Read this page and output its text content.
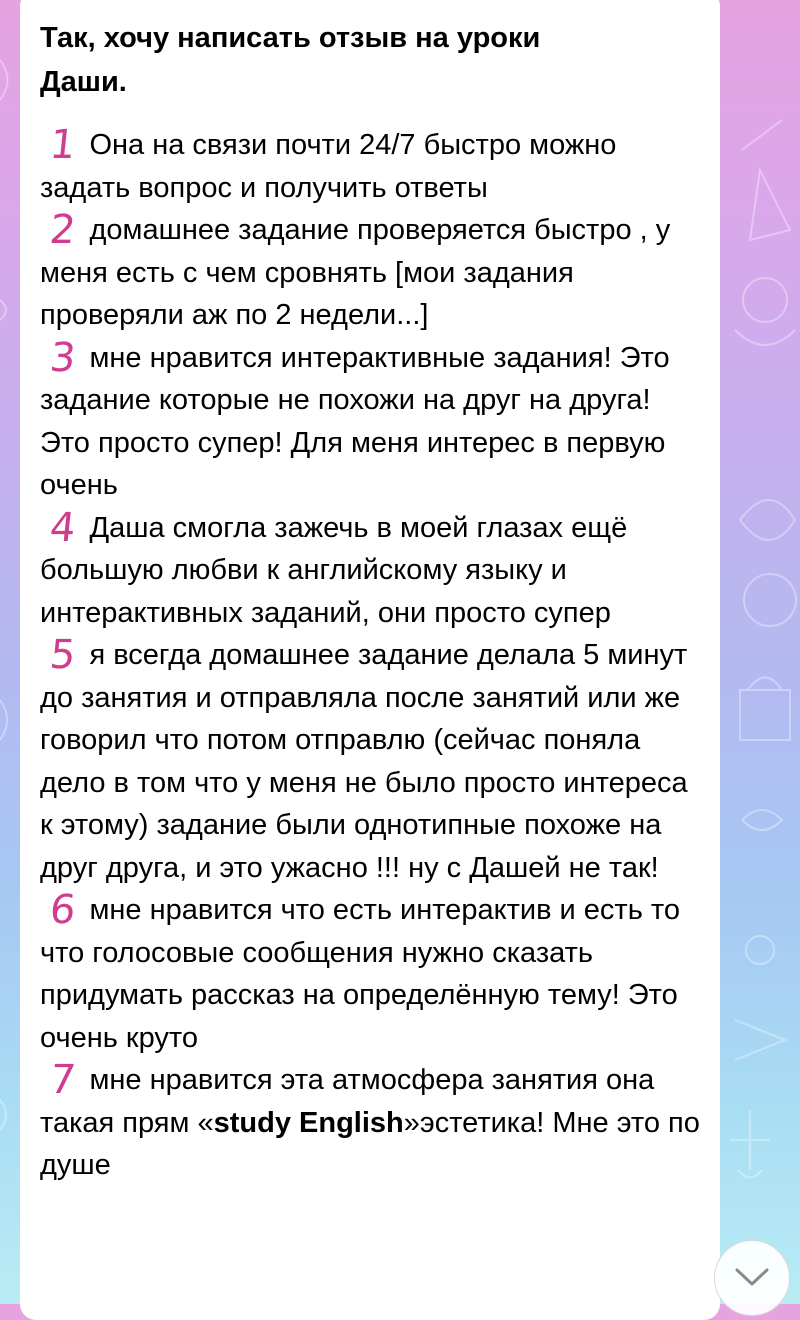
Так, хочу написать отзыв на уроки Даши.

1 Она на связи почти 24/7 быстро можно задать вопрос и получить ответы

2 домашнее задание проверяется быстро , у меня есть с чем сровнять [мои задания проверяли аж по 2 недели...]

3 мне нравится интерактивные задания! Это задание которые не похожи на друг на друга! Это просто супер! Для меня интерес в первую очень

4 Даша смогла зажечь в моей глазах ещё большую любви к английскому языку и интерактивных заданий, они просто супер

5 я всегда домашнее задание делала 5 минут до занятия и отправляла после занятий или же говорил что потом отправлю (сейчас поняла дело в том что у меня не было просто интереса к этому) задание были однотипные похоже на друг друга, и это ужасно !!! ну с Дашей не так!

6 мне нравится что есть интерактив и есть то что голосовые сообщения нужно сказать придумать рассказ на определённую тему! Это очень круто

7 мне нравится эта атмосфера занятия она такая прям «study English»эстетика! Мне это по душе
